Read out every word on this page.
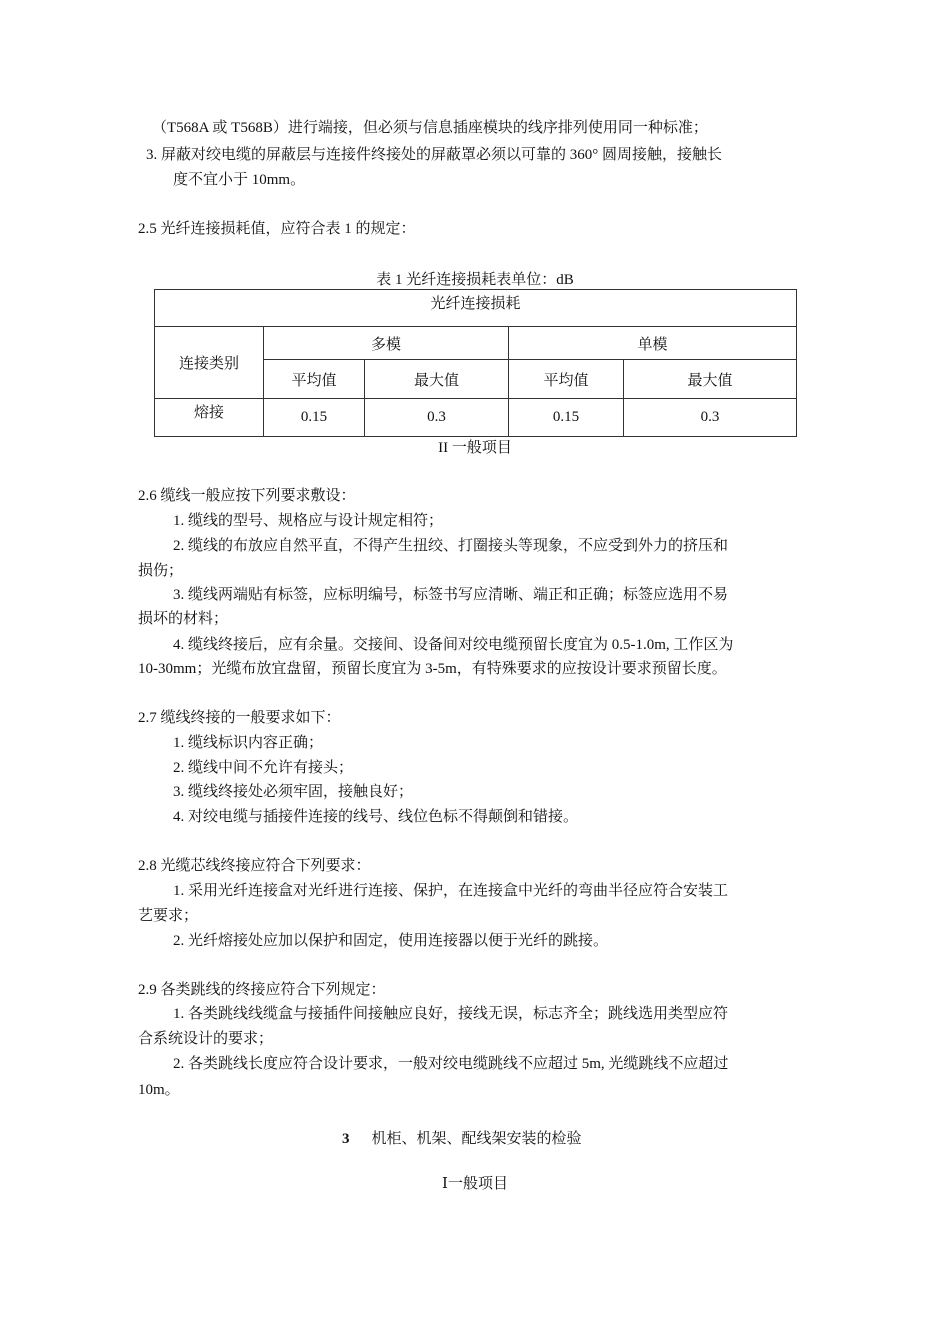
（T568A 或 T568B）进行端接，但必须与信息插座模块的线序排列使用同一种标准；
3. 屏蔽对绞电缆的屏蔽层与连接件终接处的屏蔽罩必须以可靠的 360° 圆周接触，接触长
度不宜小于 10mm。
2.5 光纤连接损耗值，应符合表 1 的规定：
表 1 光纤连接损耗表单位：dB
光纤连接损耗				
连接类别	多模		单模	
	平均值	最大值	平均值	最大值
熔接	0.15	0.3	0.15	0.3
II 一般项目
2.6 缆线一般应按下列要求敷设：
1. 缆线的型号、规格应与设计规定相符；
2. 缆线的布放应自然平直，不得产生扭绞、打圈接头等现象，不应受到外力的挤压和
损伤；
3. 缆线两端贴有标签，应标明编号，标签书写应清晰、端正和正确；标签应选用不易
损坏的材料；
4. 缆线终接后，应有余量。交接间、设备间对绞电缆预留长度宜为 0.5-1.0m, 工作区为
10-30mm；光缆布放宜盘留，预留长度宜为 3-5m，有特殊要求的应按设计要求预留长度。
2.7 缆线终接的一般要求如下：
1. 缆线标识内容正确；
2. 缆线中间不允许有接头；
3. 缆线终接处必须牢固，接触良好；
4. 对绞电缆与插接件连接的线号、线位色标不得颠倒和错接。
2.8 光缆芯线终接应符合下列要求：
1. 采用光纤连接盒对光纤进行连接、保护，在连接盒中光纤的弯曲半径应符合安装工
艺要求；
2. 光纤熔接处应加以保护和固定，使用连接器以便于光纤的跳接。
2.9 各类跳线的终接应符合下列规定：
1. 各类跳线线缆盒与接插件间接触应良好，接线无误，标志齐全；跳线选用类型应符
合系统设计的要求；
2. 各类跳线长度应符合设计要求，一般对绞电缆跳线不应超过 5m, 光缆跳线不应超过
10m。
3 机柜、机架、配线架安装的检验
Ⅰ一般项目
